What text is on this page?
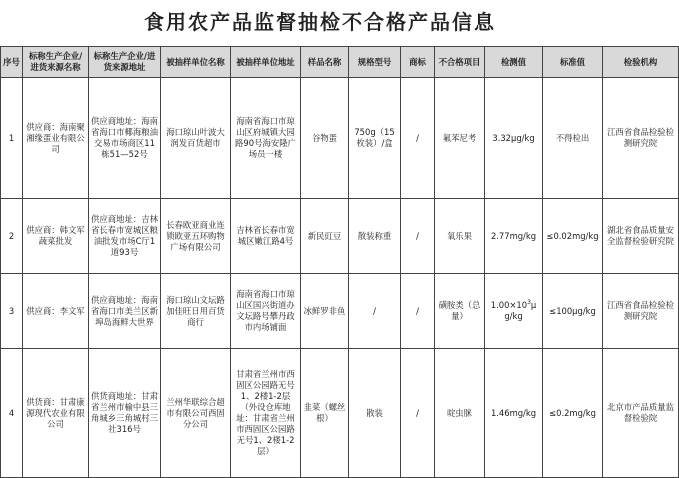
食用农产品监督抽检不合格产品信息
序号	标称生产企业/进货来源名称	标称生产企业/进货来源地址	被抽样单位名称	被抽样单位地址	样品名称	规格型号	商标	不合格项目	检测值	标准值	检验机构
1	供应商：海南聚湘缘蛋业有限公司	供应商地址：海南省海口市椰海粮油交易市场商区11栋51—52号	海口琼山叶波大润发百货超市	海南省海口市琼山区府城镇大园路90号海安隆广场员一楼	谷物蛋	750g（15枚装）/盒	/	氟苯尼考	3.32μg/kg	不得检出	江西省食品检验检测研究院
2	供应商：韩文军蔬菜批发	供应商地址：吉林省长春市宽城区粮油批发市场C厅1道93号	长春欧亚商业连锁欧亚五环购物广场有限公司	吉林省长春市宽城区嫩江路4号	新民豇豆	散装称重	/	氧乐果	2.77mg/kg	≤0.02mg/kg	湖北省食品质量安全监督检验研究院
3	供应商：李文军	供应商地址：海南省海口市美兰区新埠岛海鲜大世界	海口琼山文坛路加佳旺日用百货商行	海南省海口市琼山区国兴街道办文坛路号攀丹政市内场铺面	冰鲜罗非鱼	/	/	磺胺类（总量）	$1.00\times 10^3\mu g/kg$	≤100μg/kg	江西省食品检验检测研究院
4	供货商：甘肃康源现代农业有限公司	供货商地址：甘肃省兰州市榆中县三角城乡三角城村三社316号	兰州华联综合超市有限公司西固分公司	甘肃省兰州市西固区公园路无号1、2楼1-2层（外设仓库地址：甘肃省兰州市西固区公园路无号1、2楼1-2层）	韭菜（螺丝根）	散装	/	啶虫脒	1.46mg/kg	≤0.2mg/kg	北京市产品质量监督检验院
